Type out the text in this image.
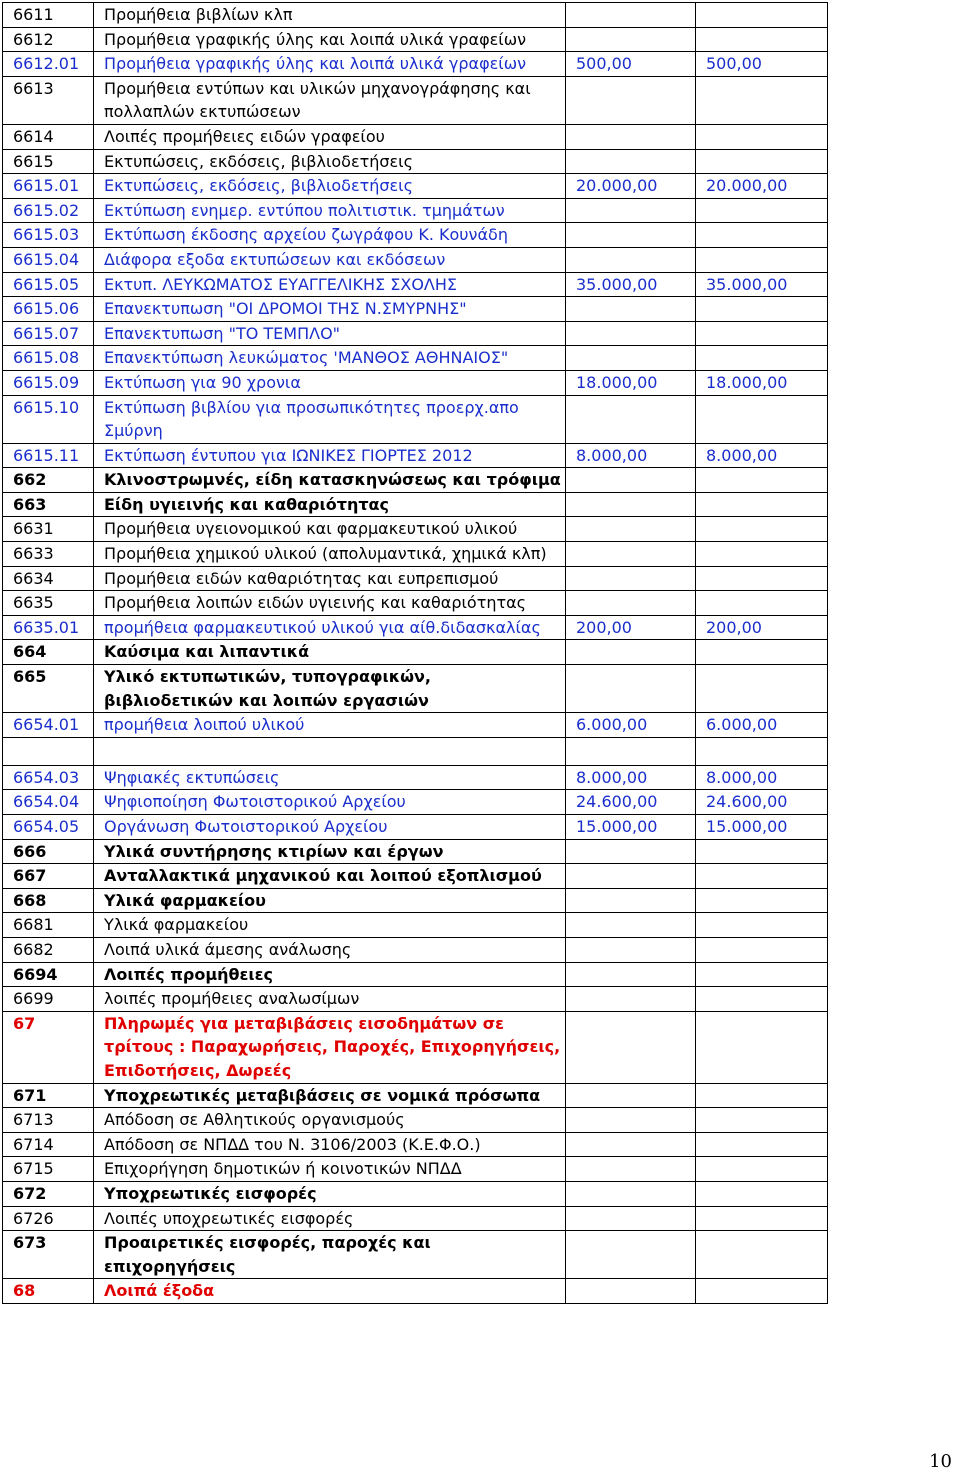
6611	Προμήθεια βιβλίων κλπ		
6612	Προμήθεια γραφικής ύλης και λοιπά υλικά γραφείων		
6612.01	Προμήθεια γραφικής ύλης και λοιπά υλικά γραφείων	500,00	500,00
6613	Προμήθεια εντύπων και υλικών μηχανογράφησης και πολλαπλών εκτυπώσεων		
6614	Λοιπές προμήθειες ειδών γραφείου		
6615	Εκτυπώσεις, εκδόσεις, βιβλιοδετήσεις		
6615.01	Εκτυπώσεις, εκδόσεις, βιβλιοδετήσεις	20.000,00	20.000,00
6615.02	Εκτύπωση ενημερ. εντύπου πολιτιστικ. τμημάτων		
6615.03	Εκτύπωση έκδοσης αρχείου ζωγράφου Κ. Κουνάδη		
6615.04	Διάφορα εξοδα εκτυπώσεων και εκδόσεων		
6615.05	Εκτυπ. ΛΕΥΚΩΜΑΤΟΣ ΕΥΑΓΓΕΛΙΚΗΣ ΣΧΟΛΗΣ	35.000,00	35.000,00
6615.06	Επανεκτυπωση "ΟΙ ΔΡΟΜΟΙ ΤΗΣ Ν.ΣΜΥΡΝΗΣ"		
6615.07	Επανεκτυπωση "ΤΟ ΤΕΜΠΛΟ"		
6615.08	Επανεκτύπωση λευκώματος 'ΜΑΝΘΟΣ ΑΘΗΝΑΙΟΣ"		
6615.09	Εκτύπωση για 90 χρονια	18.000,00	18.000,00
6615.10	Εκτύπωση βιβλίου για προσωπικότητες προερχ.απο Σμύρνη		
6615.11	Εκτύπωση έντυπου για ΙΩΝΙΚΕΣ ΓΙΟΡΤΕΣ 2012	8.000,00	8.000,00
662	Κλινοστρωμνές, είδη κατασκηνώσεως και τρόφιμα		
663	Είδη υγιεινής και καθαριότητας		
6631	Προμήθεια υγειονομικού και φαρμακευτικού υλικού		
6633	Προμήθεια χημικού υλικού (απολυμαντικά, χημικά κλπ)		
6634	Προμήθεια ειδών καθαριότητας και ευπρεπισμού		
6635	Προμήθεια λοιπών ειδών υγιεινής και καθαριότητας		
6635.01	προμήθεια φαρμακευτικού υλικού για αίθ.διδασκαλίας	200,00	200,00
664	Καύσιμα και λιπαντικά		
665	Υλικό εκτυπωτικών, τυπογραφικών, βιβλιοδετικών και λοιπών εργασιών		
6654.01	προμήθεια λοιπού υλικού	6.000,00	6.000,00

6654.03	Ψηφιακές εκτυπώσεις	8.000,00	8.000,00
6654.04	Ψηφιοποίηση Φωτοιστορικού Αρχείου	24.600,00	24.600,00
6654.05	Οργάνωση Φωτοιστορικού Αρχείου	15.000,00	15.000,00
666	Υλικά συντήρησης κτιρίων και έργων		
667	Ανταλλακτικά μηχανικού και λοιπού εξοπλισμού		
668	Υλικά φαρμακείου		
6681	Υλικά φαρμακείου		
6682	Λοιπά υλικά άμεσης ανάλωσης		
6694	Λοιπές προμήθειες		
6699	λοιπές προμήθειες αναλωσίμων		
67	Πληρωμές για μεταβιβάσεις εισοδημάτων σε τρίτους : Παραχωρήσεις, Παροχές, Επιχορηγήσεις, Επιδοτήσεις, Δωρεές		
671	Υποχρεωτικές μεταβιβάσεις σε νομικά πρόσωπα		
6713	Απόδοση σε Αθλητικούς οργανισμούς		
6714	Απόδοση σε ΝΠΔΔ του Ν. 3106/2003 (Κ.Ε.Φ.Ο.)		
6715	Επιχορήγηση δημοτικών ή κοινοτικών ΝΠΔΔ		
672	Υποχρεωτικές εισφορές		
6726	Λοιπές υποχρεωτικές εισφορές		
673	Προαιρετικές εισφορές, παροχές και επιχορηγήσεις		
68	Λοιπά έξοδα		
10
